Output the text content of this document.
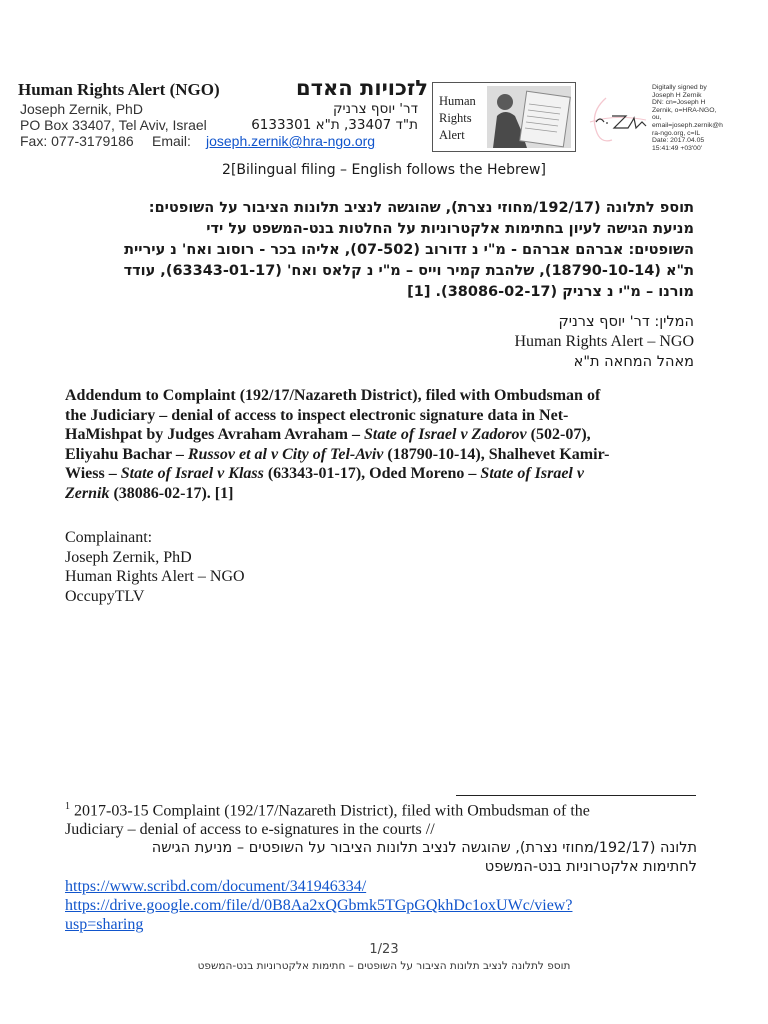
Human Rights Alert (NGO)	לזכויות האדם
Joseph Zernik, PhD	דר' יוסף צרניק
PO Box 33407, Tel Aviv, Israel	ת"ד 33407, ת"א 6133301
Fax: 077-3179186 Email: joseph.zernik@hra-ngo.org
Human
Rights
Alert
Digitally signed by
Joseph H Zernik
DN: cn=Joseph H
Zernik, o=HRA-NGO,
ou,
email=joseph.zernik@h
ra-ngo.org, c=IL
Date: 2017.04.05
15:41:49 +03'00'
2[Bilingual filing – English follows the Hebrew]
תוספ לתלונה (192/17/מחוזי נצרת), שהוגשה לנציב תלונות הציבור על השופטים:
מניעת הגישה לעיון בחתימות אלקטרוניות על החלטות בנט-המשפט על ידי
השופטים: אברהם אברהם - מ"י נ זדורוב (07-502), אליהו בכר - רוסוב ואח' נ עיריית
ת"א (18790-10-14), שלהבת קמיר וייס – מ"י נ קלאס ואח' (63343-01-17), עודד
מורנו – מ"י נ צרניק (38086-02-17). [1]
המלין: דר' יוסף צרניק
Human Rights Alert – NGO
מאהל המחאה ת"א
Addendum to Complaint (192/17/Nazareth District), filed with Ombudsman of
the Judiciary – denial of access to inspect electronic signature data in Net-
HaMishpat by Judges Avraham Avraham – State of Israel v Zadorov (502-07),
Eliyahu Bachar – Russov et al v City of Tel-Aviv (18790-10-14), Shalhevet Kamir-
Wiess – State of Israel v Klass (63343-01-17), Oded Moreno – State of Israel v
Zernik (38086-02-17). [1]
Complainant:
Joseph Zernik, PhD
Human Rights Alert – NGO
OccupyTLV
$^1$ 2017-03-15 Complaint (192/17/Nazareth District), filed with Ombudsman of the
Judiciary – denial of access to e-signatures in the courts //
תלונה (192/17/מחוזי נצרת), שהוגשה לנציב תלונות הציבור על השופטים – מניעת הגישה
לחתימות אלקטרוניות בנט-המשפט
https://www.scribd.com/document/341946334/
https://drive.google.com/file/d/0B8Aa2xQGbmk5TGpGQkhDc1oxUWc/view?
usp=sharing
1/23
תוספ לתלונה לנציב תלונות הציבור על השופטים – חתימות אלקטרוניות בנט-המשפט
